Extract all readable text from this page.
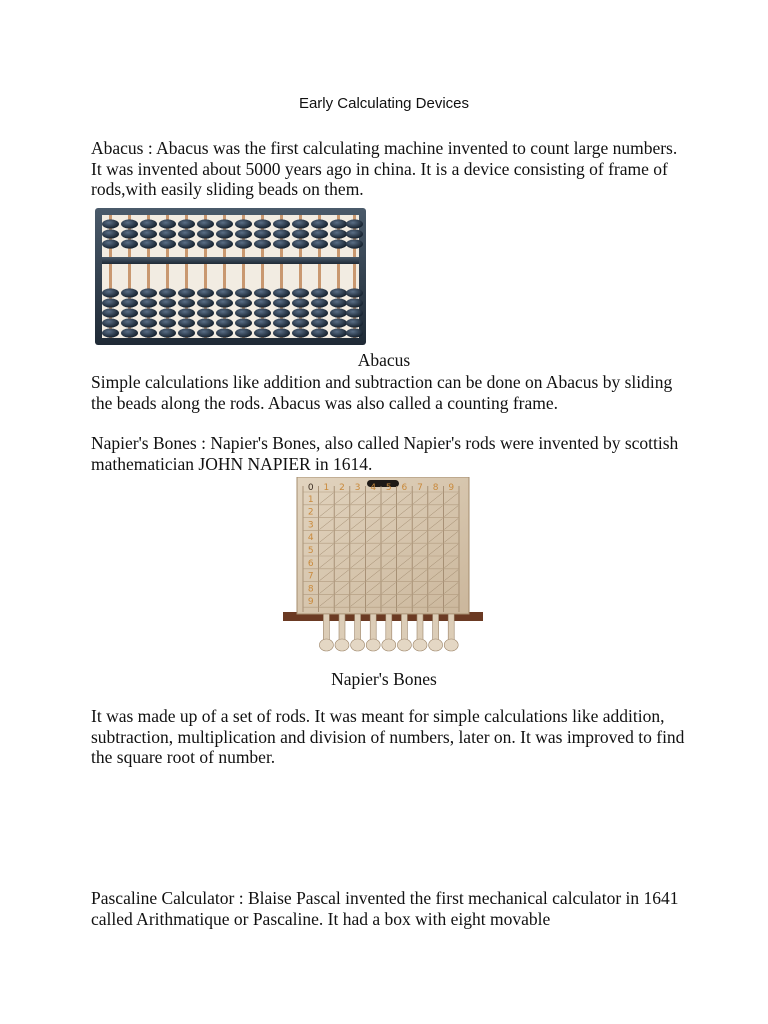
Early Calculating Devices

Abacus : Abacus was the first calculating machine invented to count large numbers. It was invented about 5000 years ago in china. It is a device consisting of frame of rods,with easily sliding beads on them.

Abacus

Simple calculations like addition and subtraction can be done on Abacus by sliding the beads along the rods. Abacus was also called a counting frame.

Napier's Bones : Napier's Bones, also called Napier's rods were invented by scottish mathematician JOHN NAPIER in 1614.

0 1 2 3 4 5 6 7 8 9
1
2
3
4
5
6
7
8
9
Napier's Bones

It was made up of a set of rods. It was meant for simple calculations like addition, subtraction, multiplication and division of numbers, later on. It was improved to find the square root of number.

Pascaline Calculator : Blaise Pascal invented the first mechanical calculator in 1641 called Arithmatique or Pascaline. It had a box with eight movable
